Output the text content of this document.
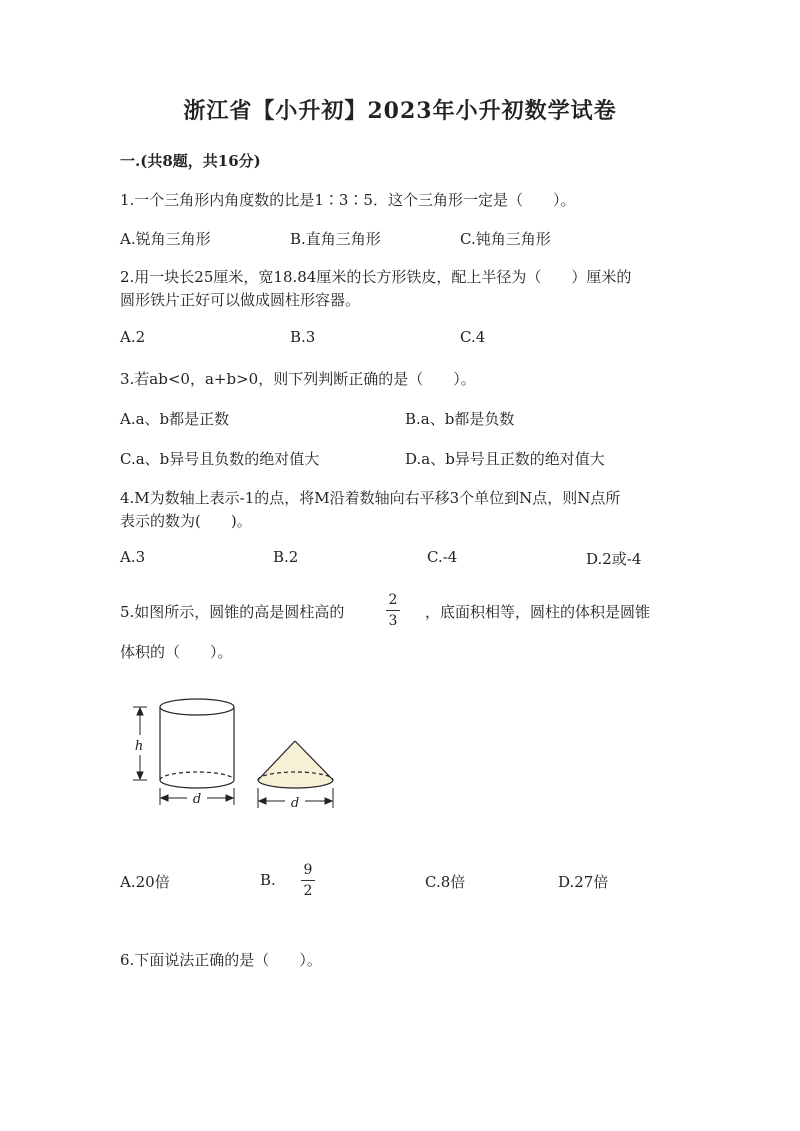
浙江省【小升初】2023年小升初数学试卷
一.(共8题，共16分)
1.一个三角形内角度数的比是1∶3∶5．这个三角形一定是（　　）。
A.锐角三角形	B.直角三角形	C.钝角三角形
2.用一块长25厘米，宽18.84厘米的长方形铁皮，配上半径为（　　）厘米的
圆形铁片正好可以做成圆柱形容器。
A.2	B.3	C.4
3.若ab<0，a+b>0，则下列判断正确的是（　　）。
A.a、b都是正数	B.a、b都是负数
C.a、b异号且负数的绝对值大	D.a、b异号且正数的绝对值大
4.M为数轴上表示-1的点，将M沿着数轴向右平移3个单位到N点，则N点所
表示的数为(　　)。
A.3	B.2	C.-4	D.2或-4
5.如图所示，圆锥的高是圆柱高的
2
3	，底面积相等，圆柱的体积是圆锥
体积的（　　）。
h
d	d
A.20倍	B.
9
2	C.8倍	D.27倍
6.下面说法正确的是（　　）。
